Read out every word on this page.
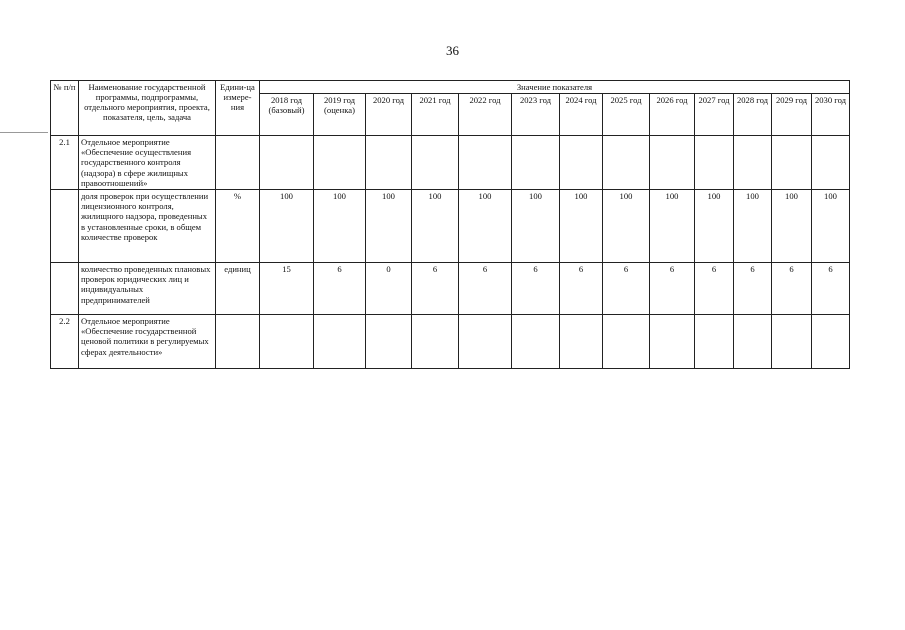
36
№ п/п	Наименование государственной программы, подпрограммы, отдельного мероприятия, проекта, показателя, цель, задача	Едини-ца измере-ния	Значение показателя												
			2018 год (базовый)	2019 год (оценка)	2020 год	2021 год	2022 год	2023 год	2024 год	2025 год	2026 год	2027 год	2028 год	2029 год	2030 год
2.1	Отдельное мероприятие «Обеспечение осуществления государственного контроля (надзора) в сфере жилищных правоотношений»														
	доля проверок при осуществлении лицензионного контроля, жилищного надзора, проведенных в установленные сроки, в общем количестве проверок	%	100	100	100	100	100	100	100	100	100	100	100	100	100
	количество проведенных плановых проверок юридических лиц и индивидуальных предпринимателей	единиц	15	6	0	6	6	6	6	6	6	6	6	6	6
2.2	Отдельное мероприятие «Обеспечение государственной ценовой политики в регулируемых сферах деятельности»														
